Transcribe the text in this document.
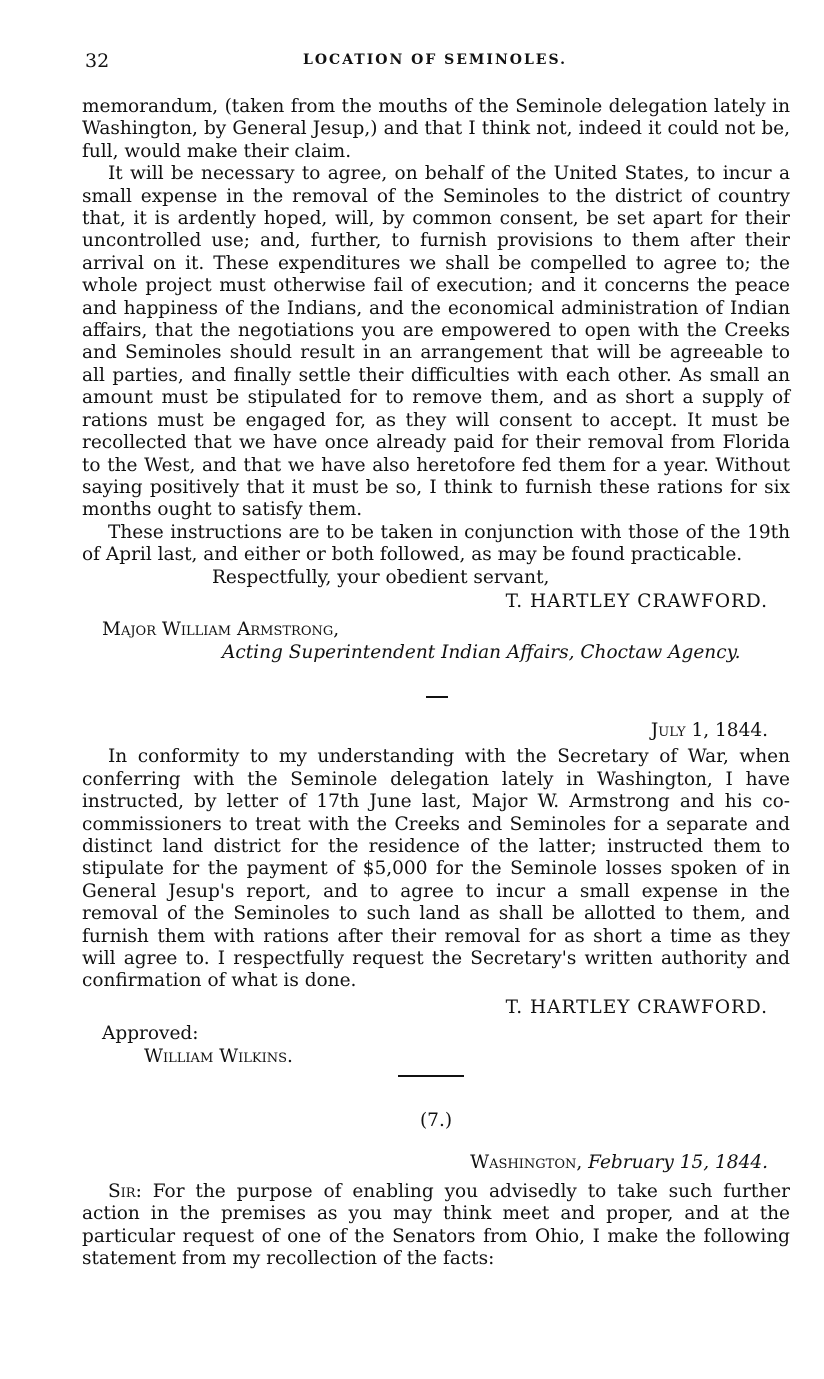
32	LOCATION OF SEMINOLES.

memorandum, (taken from the mouths of the Seminole delegation lately in Washington, by General Jesup,) and that I think not, indeed it could not be, full, would make their claim.

It will be necessary to agree, on behalf of the United States, to incur a small expense in the removal of the Seminoles to the district of country that, it is ardently hoped, will, by common consent, be set apart for their uncontrolled use; and, further, to furnish provisions to them after their arrival on it. These expenditures we shall be compelled to agree to; the whole project must otherwise fail of execution; and it concerns the peace and happiness of the Indians, and the economical administration of Indian affairs, that the negotiations you are empowered to open with the Creeks and Seminoles should result in an arrangement that will be agreeable to all parties, and finally settle their difficulties with each other. As small an amount must be stipulated for to remove them, and as short a supply of rations must be engaged for, as they will consent to accept. It must be recollected that we have once already paid for their removal from Florida to the West, and that we have also heretofore fed them for a year. Without saying positively that it must be so, I think to furnish these rations for six months ought to satisfy them.

These instructions are to be taken in conjunction with those of the 19th of April last, and either or both followed, as may be found practicable.

Respectfully, your obedient servant,

T. HARTLEY CRAWFORD.

Major William Armstrong,

Acting Superintendent Indian Affairs, Choctaw Agency.

July 1, 1844.

In conformity to my understanding with the Secretary of War, when conferring with the Seminole delegation lately in Washington, I have instructed, by letter of 17th June last, Major W. Armstrong and his co-commissioners to treat with the Creeks and Seminoles for a separate and distinct land district for the residence of the latter; instructed them to stipulate for the payment of $5,000 for the Seminole losses spoken of in General Jesup's report, and to agree to incur a small expense in the removal of the Seminoles to such land as shall be allotted to them, and furnish them with rations after their removal for as short a time as they will agree to. I respectfully request the Secretary's written authority and confirmation of what is done.

T. HARTLEY CRAWFORD.

Approved:

William Wilkins.

(7.)

Washington, February 15, 1844.

Sir: For the purpose of enabling you advisedly to take such further action in the premises as you may think meet and proper, and at the particular request of one of the Senators from Ohio, I make the following statement from my recollection of the facts:
